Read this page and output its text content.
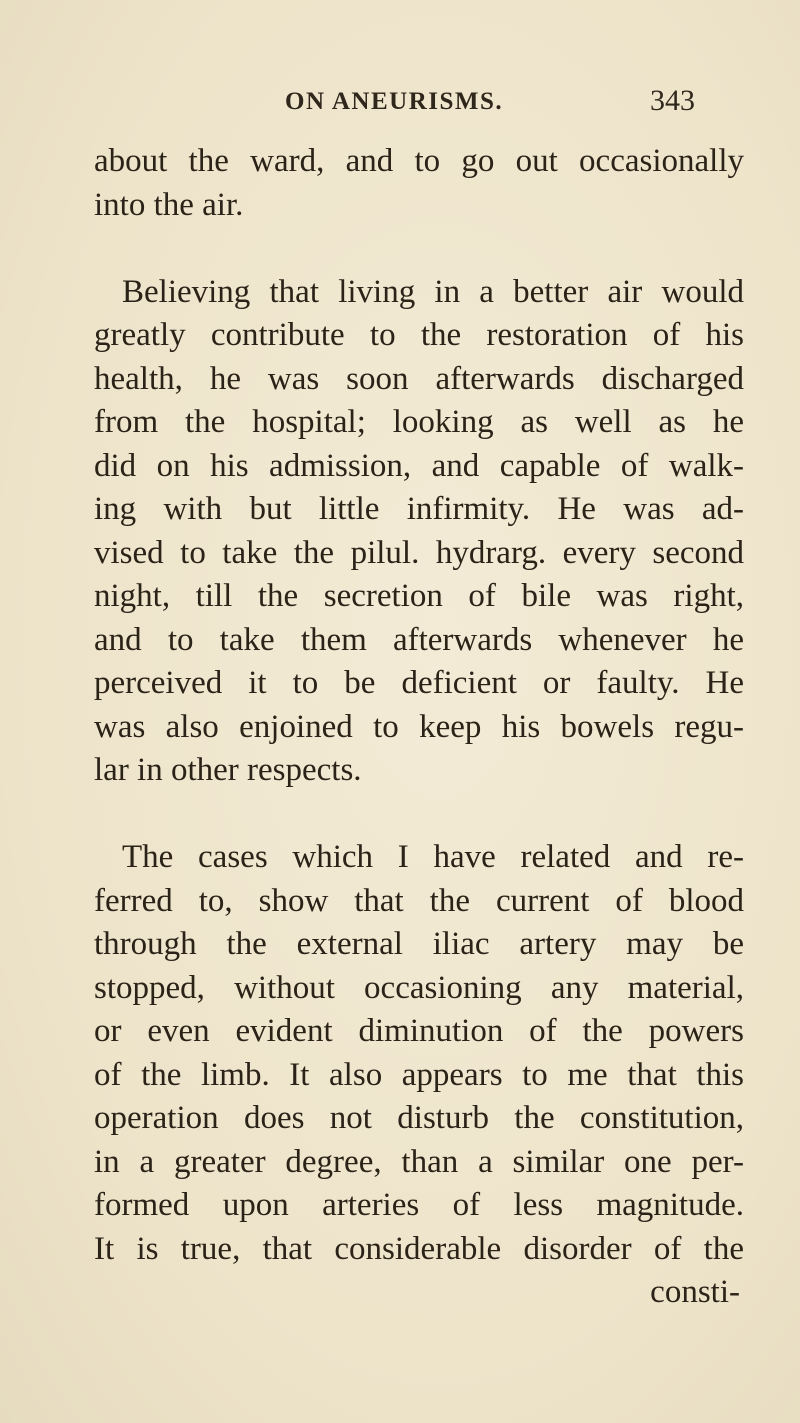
ON ANEURISMS.	343
about the ward, and to go out occasionally
into the air.
Believing that living in a better air would
greatly contribute to the restoration of his
health, he was soon afterwards discharged
from the hospital; looking as well as he
did on his admission, and capable of walk-
ing with but little infirmity. He was ad-
vised to take the pilul. hydrarg. every second
night, till the secretion of bile was right,
and to take them afterwards whenever he
perceived it to be deficient or faulty. He
was also enjoined to keep his bowels regu-
lar in other respects.
The cases which I have related and re-
ferred to, show that the current of blood
through the external iliac artery may be
stopped, without occasioning any material,
or even evident diminution of the powers
of the limb. It also appears to me that this
operation does not disturb the constitution,
in a greater degree, than a similar one per-
formed upon arteries of less magnitude.
It is true, that considerable disorder of the
consti-
